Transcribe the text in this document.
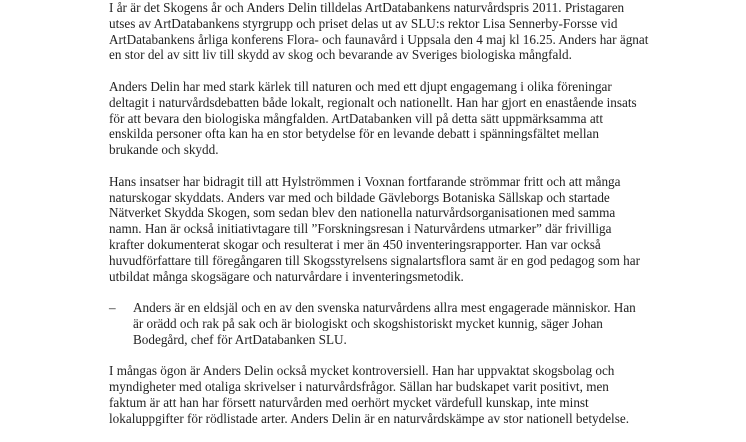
I år är det Skogens år och Anders Delin tilldelas ArtDatabankens naturvårdspris 2011. Pristagaren utses av ArtDatabankens styrgrupp och priset delas ut av SLU:s rektor Lisa Sennerby-Forsse vid ArtDatabankens årliga konferens Flora- och faunavård i Uppsala den 4 maj kl 16.25. Anders har ägnat en stor del av sitt liv till skydd av skog och bevarande av Sveriges biologiska mångfald.

Anders Delin har med stark kärlek till naturen och med ett djupt engagemang i olika föreningar deltagit i naturvårdsdebatten både lokalt, regionalt och nationellt. Han har gjort en enastående insats för att bevara den biologiska mångfalden. ArtDatabanken vill på detta sätt uppmärksamma att enskilda personer ofta kan ha en stor betydelse för en levande debatt i spänningsfältet mellan brukande och skydd.

Hans insatser har bidragit till att Hylströmmen i Voxnan fortfarande strömmar fritt och att många naturskogar skyddats. Anders var med och bildade Gävleborgs Botaniska Sällskap och startade Nätverket Skydda Skogen, som sedan blev den nationella naturvårdsorganisationen med samma namn. Han är också initiativtagare till ”Forskningsresan i Naturvårdens utmarker” där frivilliga krafter dokumenterat skogar och resulterat i mer än 450 inventeringsrapporter. Han var också huvudförfattare till föregångaren till Skogsstyrelsens signalartsflora samt är en god pedagog som har utbildat många skogsägare och naturvårdare i inventeringsmetodik.

–	Anders är en eldsjäl och en av den svenska naturvårdens allra mest engagerade människor. Han är orädd och rak på sak och är biologiskt och skogshistoriskt mycket kunnig, säger Johan Bodegård, chef för ArtDatabanken SLU.

I mångas ögon är Anders Delin också mycket kontroversiell. Han har uppvaktat skogsbolag och myndigheter med otaliga skrivelser i naturvårdsfrågor. Sällan har budskapet varit positivt, men faktum är att han har försett naturvården med oerhört mycket värdefull kunskap, inte minst lokaluppgifter för rödlistade arter. Anders Delin är en naturvårdskämpe av stor nationell betydelse.
